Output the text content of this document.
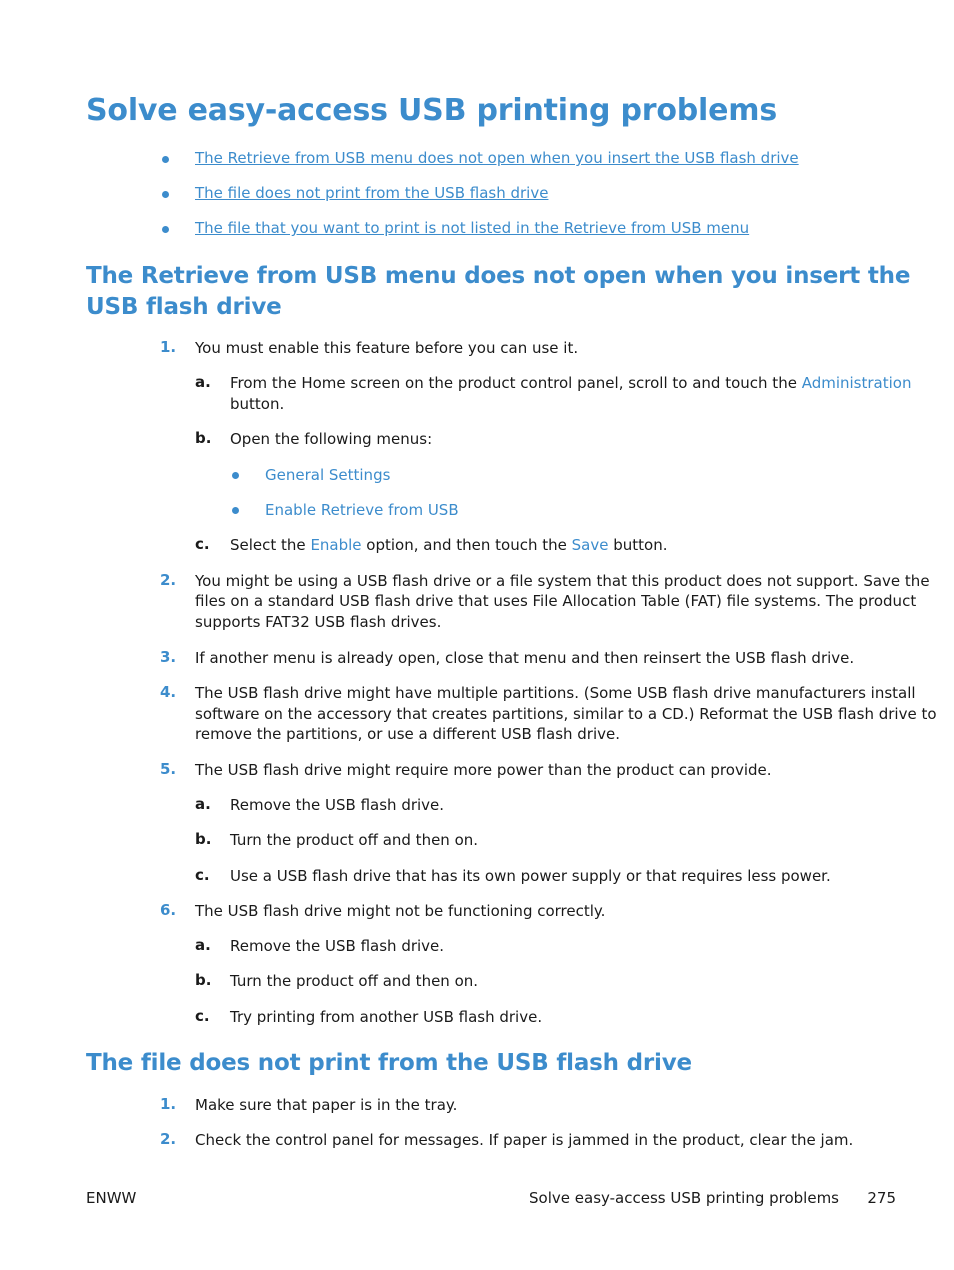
Solve easy-access USB printing problems
The Retrieve from USB menu does not open when you insert the USB flash drive
The file does not print from the USB flash drive
The file that you want to print is not listed in the Retrieve from USB menu
The Retrieve from USB menu does not open when you insert the
USB flash drive
1. You must enable this feature before you can use it.
a. From the Home screen on the product control panel, scroll to and touch the Administration
button.
b. Open the following menus:
General Settings
Enable Retrieve from USB
c. Select the Enable option, and then touch the Save button.
2. You might be using a USB flash drive or a file system that this product does not support. Save the
files on a standard USB flash drive that uses File Allocation Table (FAT) file systems. The product
supports FAT32 USB flash drives.
3. If another menu is already open, close that menu and then reinsert the USB flash drive.
4. The USB flash drive might have multiple partitions. (Some USB flash drive manufacturers install
software on the accessory that creates partitions, similar to a CD.) Reformat the USB flash drive to
remove the partitions, or use a different USB flash drive.
5. The USB flash drive might require more power than the product can provide.
a. Remove the USB flash drive.
b. Turn the product off and then on.
c. Use a USB flash drive that has its own power supply or that requires less power.
6. The USB flash drive might not be functioning correctly.
a. Remove the USB flash drive.
b. Turn the product off and then on.
c. Try printing from another USB flash drive.
The file does not print from the USB flash drive
1. Make sure that paper is in the tray.
2. Check the control panel for messages. If paper is jammed in the product, clear the jam.
ENWW	Solve easy-access USB printing problems 275
